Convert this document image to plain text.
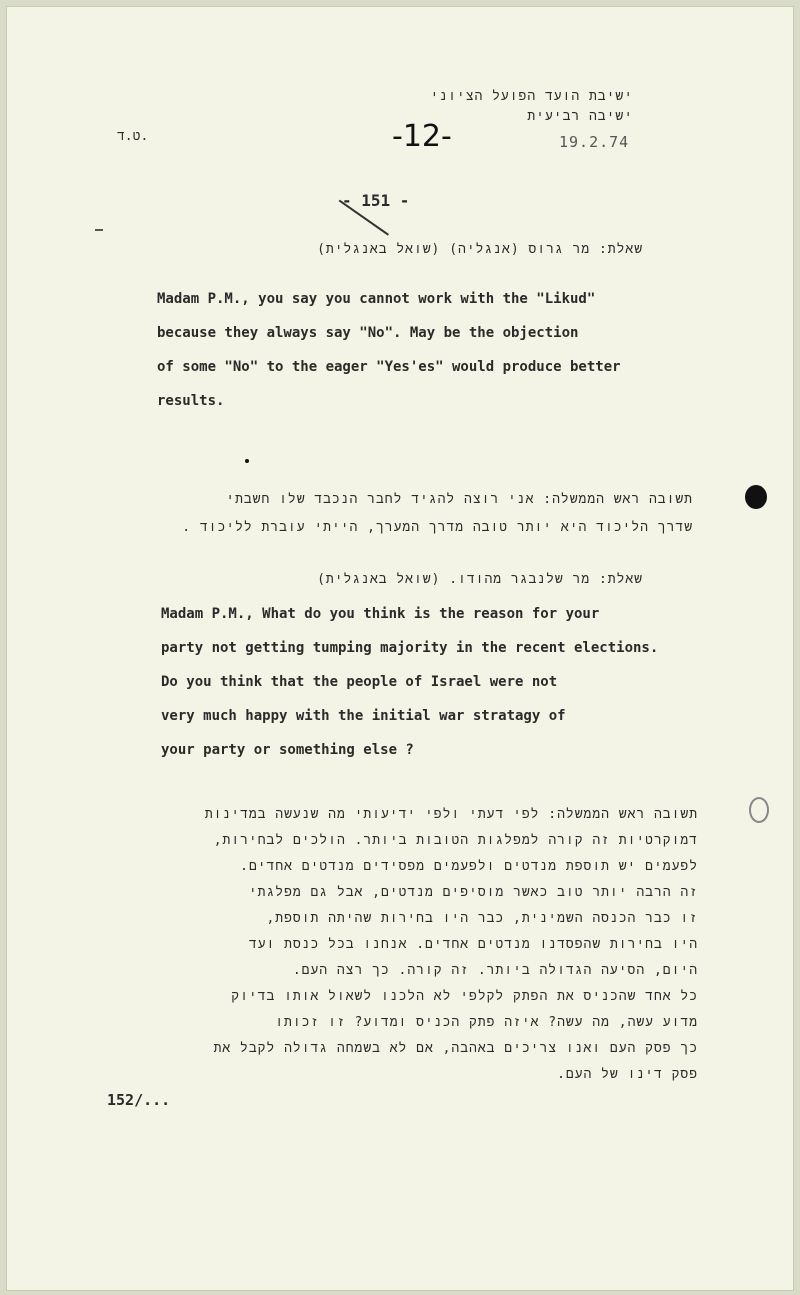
ישיבת הועד הפועל הציוני
ישיבה רביעית
ט.ד.	-12-	19.2.74
- 151 -
שאלת: מר גרוס (אנגליה) (שואל באנגלית)
Madam P.M., you say you cannot work with the "Likud"
because they always say "No". May be the objection
of some "No" to the eager "Yes'es" would produce better
results.
תשובה ראש הממשלה: אני רוצה להגיד לחבר הנכבד שלו חשבתי
שדרך הליכוד היא יותר טובה מדרך המערך, הייתי עוברת לליכוד .
שאלת: מר שלנבגר מהודו. (שואל באנגלית)
Madam P.M., What do you think is the reason for your
party not getting tumping majority in the recent elections.
Do you think that the people of Israel were not
very much happy with the initial war stratagy of
your party or something else ?
תשובה ראש הממשלה: לפי דעתי ולפי ידיעותי מה שנעשה במדינות
דמוקרטיות זה קורה למפלגות הטובות ביותר. הולכים לבחירות,
לפעמים יש תוספת מנדטים ולפעמים מפסידים מנדטים אחדים.
זה הרבה יותר טוב כאשר מוסיפים מנדטים, אבל גם מפלגתי
זו כבר הכנסה השמינית, כבר היו בחירות שהיתה תוספת,
היו בחירות שהפסדנו מנדטים אחדים. אנחנו בכל כנסת ועד
היום, הסיעה הגדולה ביותר. זה קורה. כך רצה העם.
כל אחד שהכניס את הפתק לקלפי לא הלכנו לשאול אותו בדיוק
מדוע עשה, מה עשה? איזה פתק הכניס ומדוע? זו זכותו
כך פסק העם ואנו צריכים באהבה, אם לא בשמחה גדולה לקבל את
פסק דינו של העם.
152/...
